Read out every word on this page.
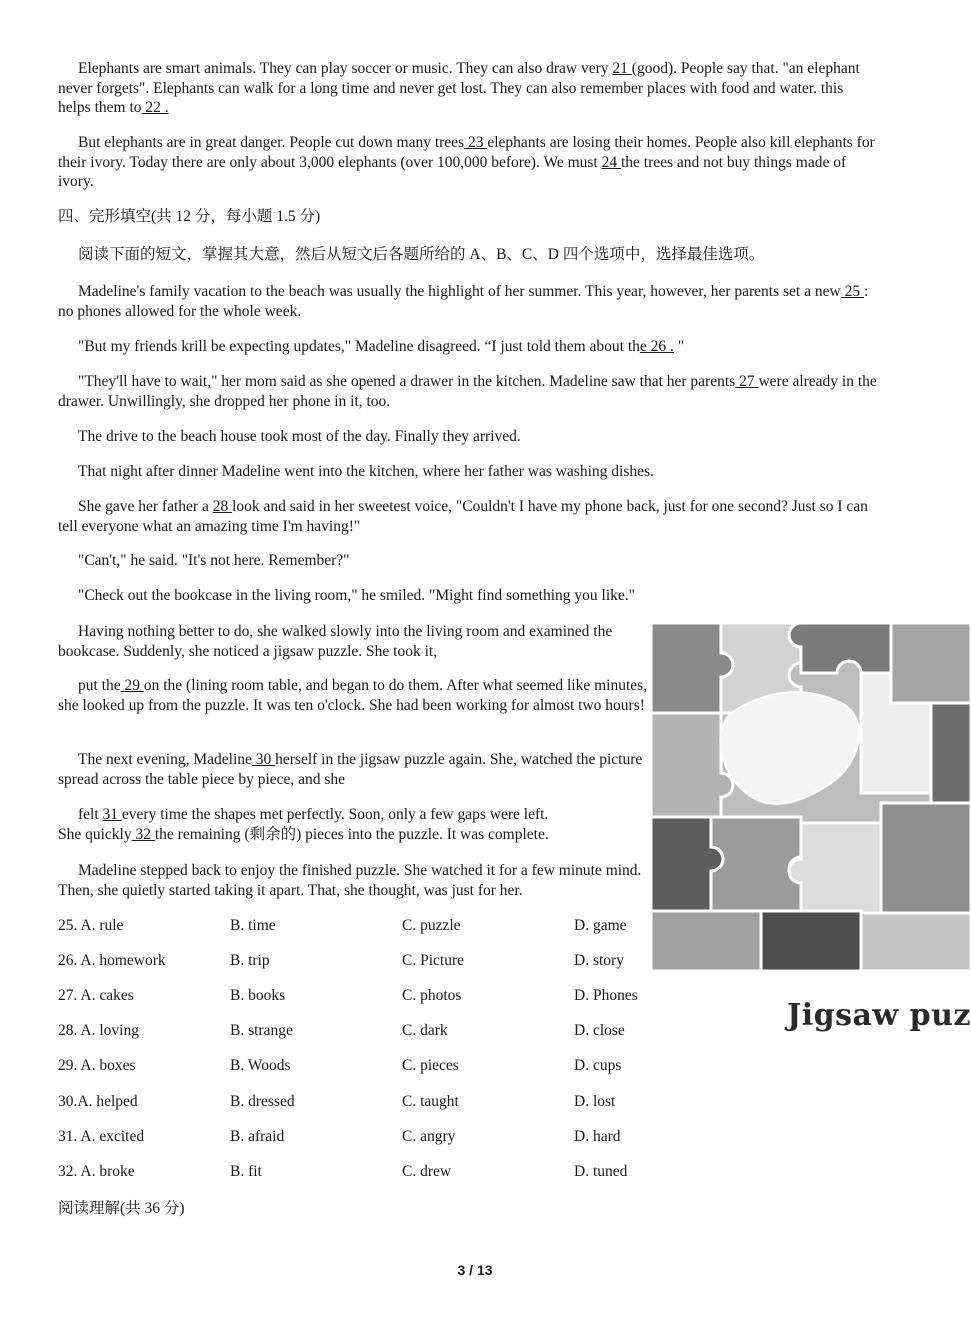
Elephants are smart animals. They can play soccer or music. They can also draw very 21 (good). People say that. "an elephant never forgets". Elephants can walk for a long time and never get lost. They can also remember places with food and water. this helps them to 22 .

But elephants are in great danger. People cut down many trees 23 elephants are losing their homes. People also kill elephants for their ivory. Today there are only about 3,000 elephants (over 100,000 before). We must 24 the trees and not buy things made of ivory.

四、完形填空(共 12 分，每小题 1.5 分)

阅读下面的短文，掌握其大意，然后从短文后各题所给的 A、B、C、D 四个选项中，选择最佳选项。

Madeline's family vacation to the beach was usually the highlight of her summer. This year, however, her parents set a new 25 : no phones allowed for the whole week.

"But my friends krill be expecting updates," Madeline disagreed. “I just told them about the 26 . "

"They'll have to wait," her mom said as she opened a drawer in the kitchen. Madeline saw that her parents 27 were already in the drawer. Unwillingly, she dropped her phone in it, too.

The drive to the beach house took most of the day. Finally they arrived.

That night after dinner Madeline went into the kitchen, where her father was washing dishes.

She gave her father a 28 look and said in her sweetest voice, "Couldn't I have my phone back, just for one second? Just so I can tell everyone what an amazing time I'm having!"

"Can't," he said. "It's not here. Remember?"

"Check out the bookcase in the living room," he smiled. "Might find something you like."

Having nothing better to do, she walked slowly into the living room and examined the bookcase. Suddenly, she noticed a jigsaw puzzle. She took it,

put the 29 on the (lining room table, and began to do them. After what seemed like minutes, she looked up from the puzzle. It was ten o'clock. She had been working for almost two hours!

The next evening, Madeline 30 herself in the jigsaw puzzle again. She, watched the picture spread across the table piece by piece, and she

felt 31 every time the shapes met perfectly. Soon, only a few gaps were left.

She quickly 32 the remaining (剩余的) pieces into the puzzle. It was complete.

Madeline stepped back to enjoy the finished puzzle. She watched it for a few minute mind. Then, she quietly started taking it apart. That, she thought, was just for her.

Jigsaw puz
25. A. rule	B. time	C. puzzle	D. game
26. A. homework	B. trip	C. Picture	D. story
27. A. cakes	B. books	C. photos	D. Phones
28. A. loving	B. strange	C. dark	D. close
29. A. boxes	B. Woods	C. pieces	D. cups
30.A. helped	B. dressed	C. taught	D. lost
31. A. excited	B. afraid	C. angry	D. hard
32. A. broke	B. fit	C. drew	D. tuned

阅读理解(共 36 分)

3 / 13
